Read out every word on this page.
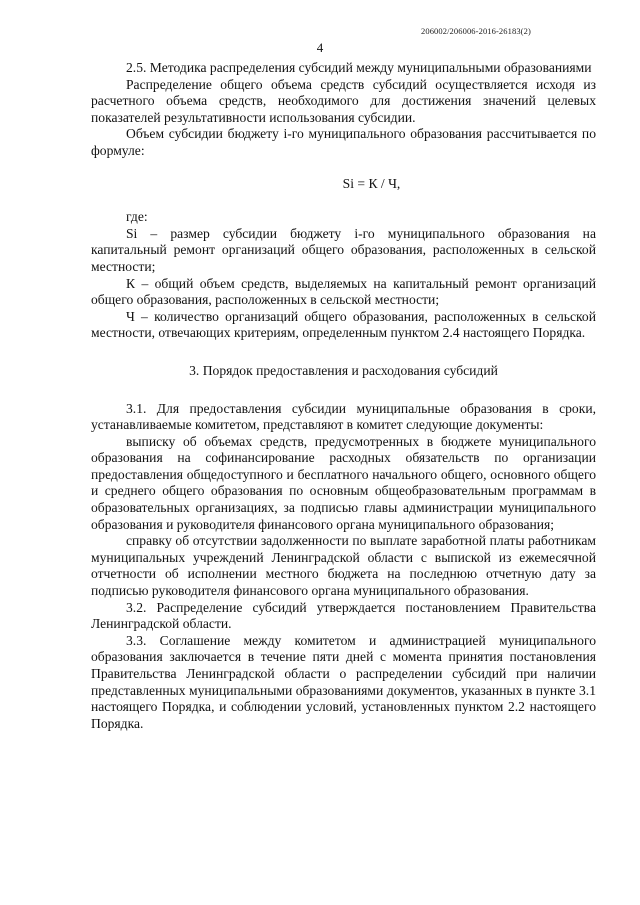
206002/206006-2016-26183(2)
4

2.5. Методика распределения субсидий между муниципальными образованиями

Распределение общего объема средств субсидий осуществляется исходя из расчетного объема средств, необходимого для достижения значений целевых показателей результативности использования субсидии.

Объем субсидии бюджету i-го муниципального образования рассчитывается по формуле:

Si = К / Ч,

где:

Si – размер субсидии бюджету i-го муниципального образования на капитальный ремонт организаций общего образования, расположенных в сельской местности;

К – общий объем средств, выделяемых на капитальный ремонт организаций общего образования, расположенных в сельской местности;

Ч – количество организаций общего образования, расположенных в сельской местности, отвечающих критериям, определенным пунктом 2.4 настоящего Порядка.

3. Порядок предоставления и расходования субсидий

3.1. Для предоставления субсидии муниципальные образования в сроки, устанавливаемые комитетом, представляют в комитет следующие документы:

выписку об объемах средств, предусмотренных в бюджете муниципального образования на софинансирование расходных обязательств по организации предоставления общедоступного и бесплатного начального общего, основного общего и среднего общего образования по основным общеобразовательным программам в образовательных организациях, за подписью главы администрации муниципального образования и руководителя финансового органа муниципального образования;

справку об отсутствии задолженности по выплате заработной платы работникам муниципальных учреждений Ленинградской области с выпиской из ежемесячной отчетности об исполнении местного бюджета на последнюю отчетную дату за подписью руководителя финансового органа муниципального образования.

3.2. Распределение субсидий утверждается постановлением Правительства Ленинградской области.

3.3. Соглашение между комитетом и администрацией муниципального образования заключается в течение пяти дней с момента принятия постановления Правительства Ленинградской области о распределении субсидий при наличии представленных муниципальными образованиями документов, указанных в пункте 3.1 настоящего Порядка, и соблюдении условий, установленных пунктом 2.2 настоящего Порядка.
